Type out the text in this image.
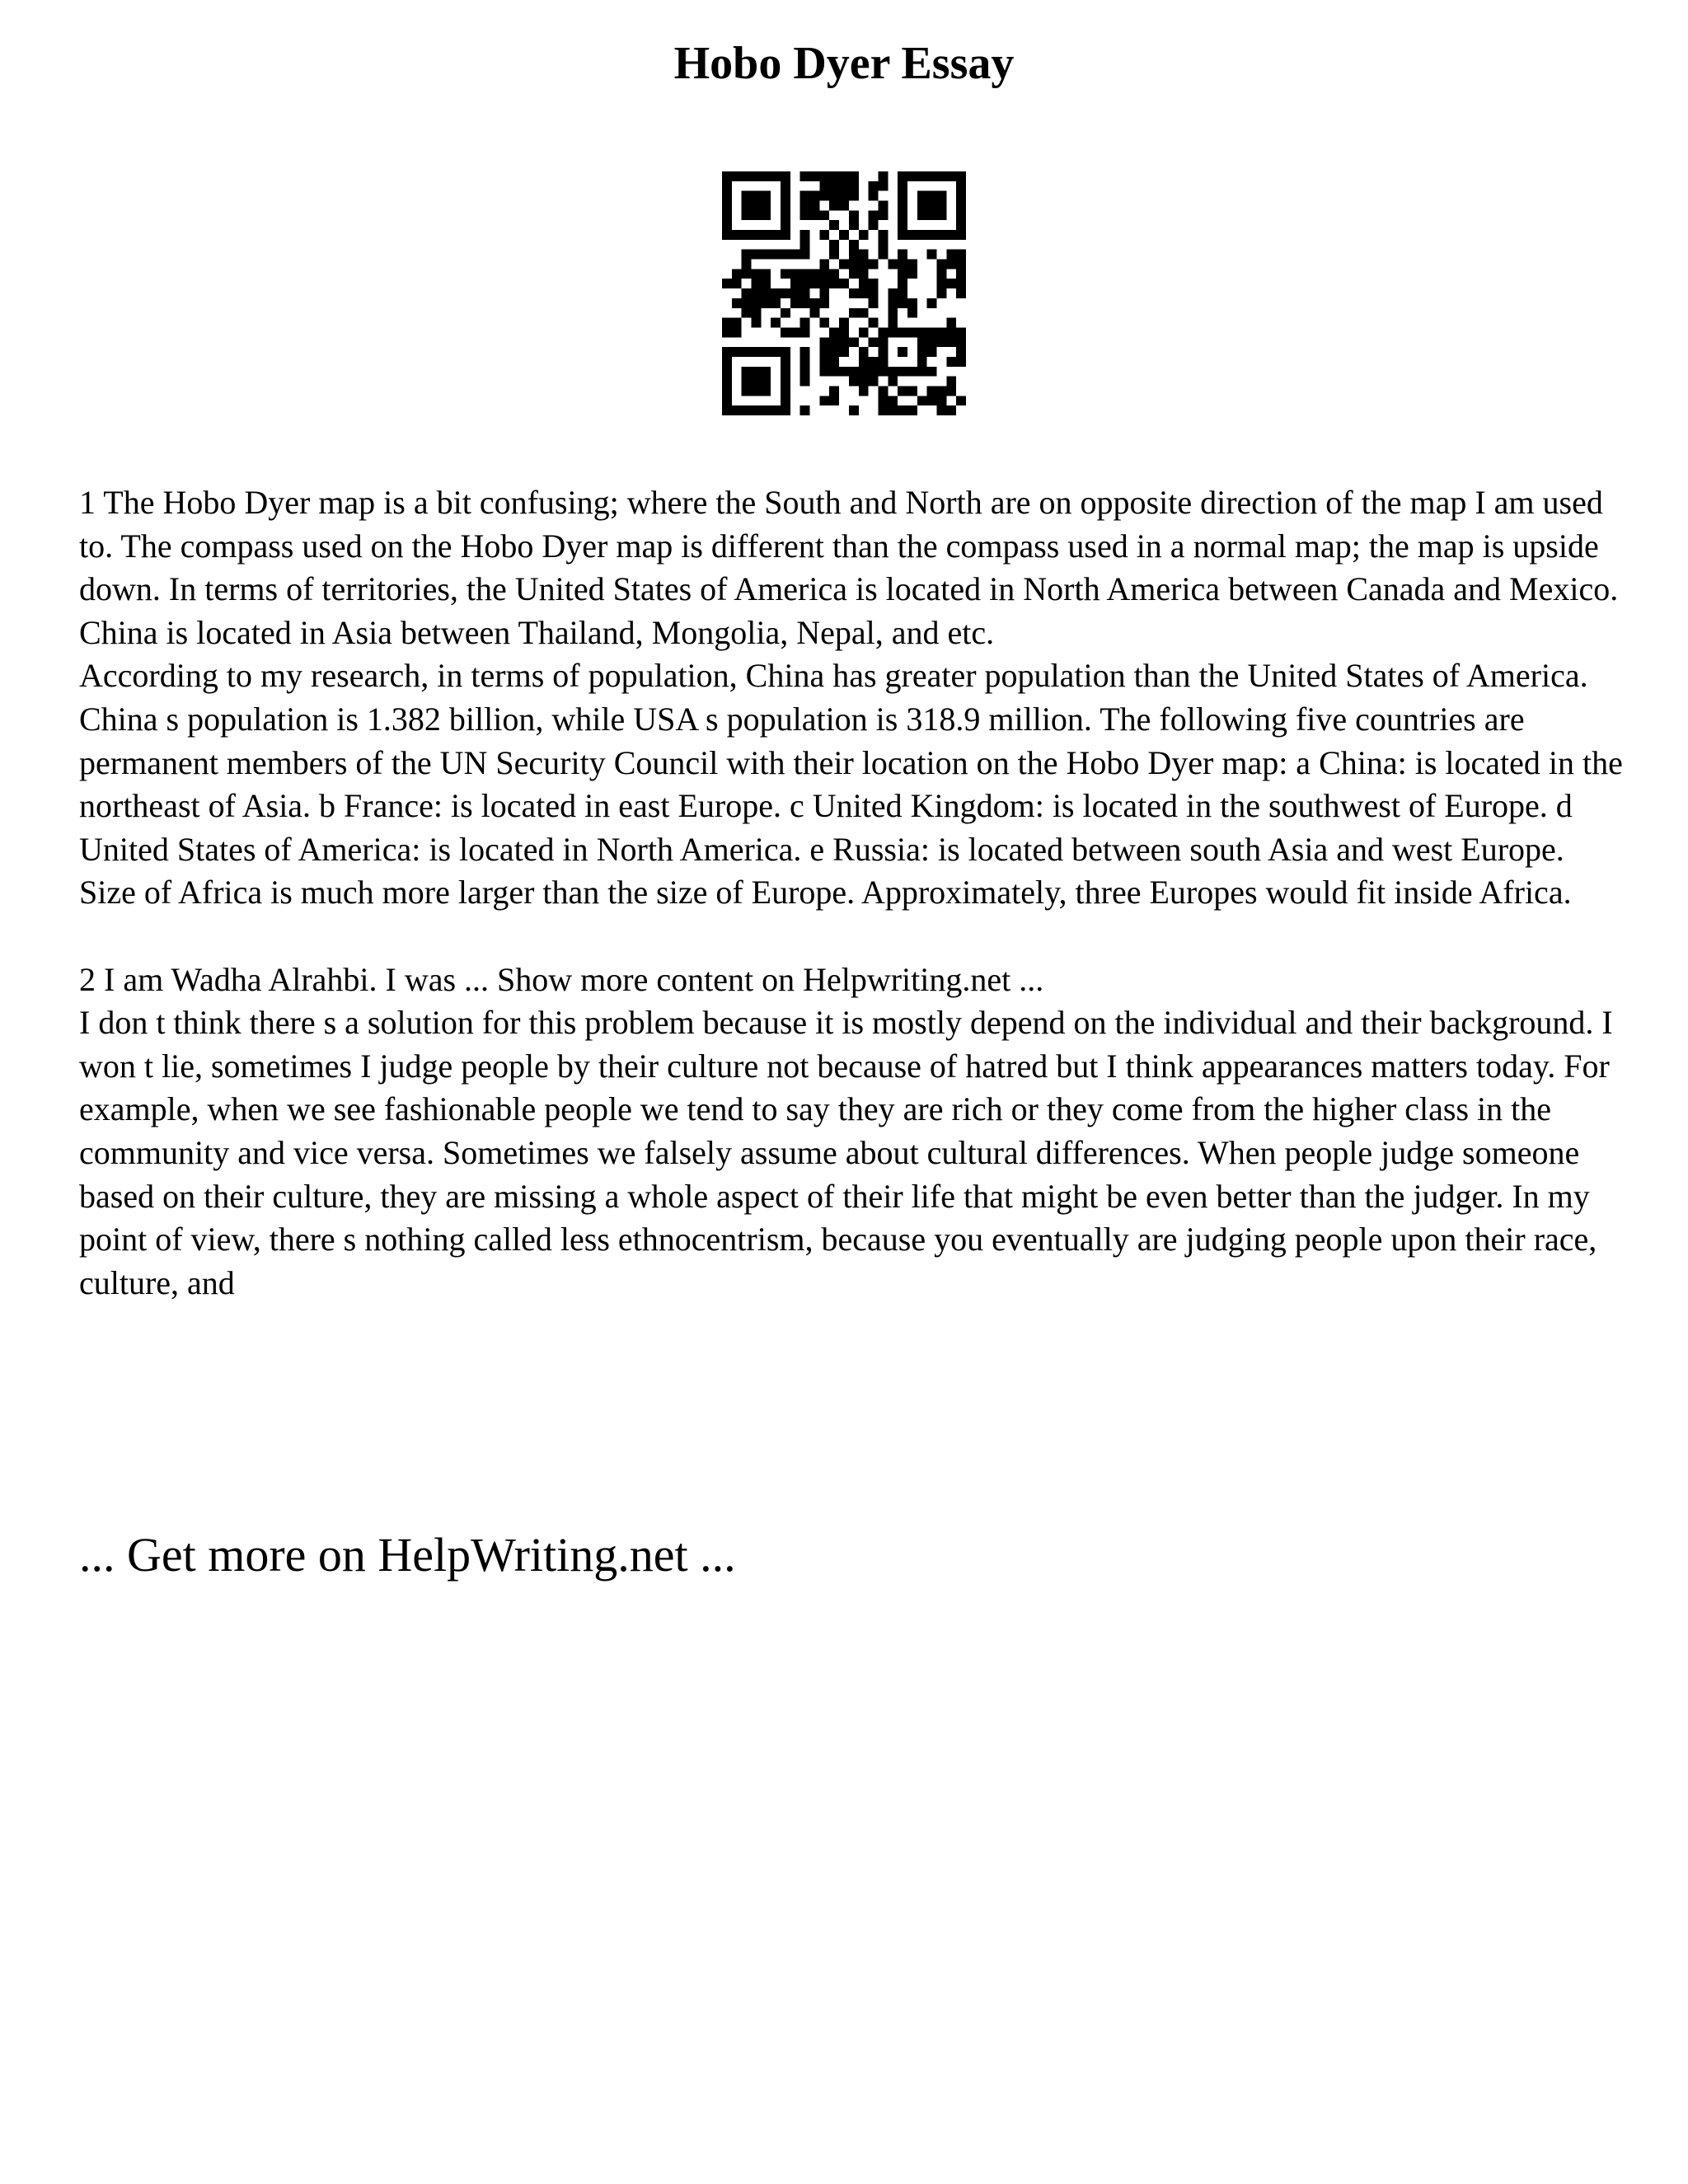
Hobo Dyer Essay

1 The Hobo Dyer map is a bit confusing; where the South and North are on opposite direction of the map I am used to. The compass used on the Hobo Dyer map is different than the compass used in a normal map; the map is upside down. In terms of territories, the United States of America is located in North America between Canada and Mexico. China is located in Asia between Thailand, Mongolia, Nepal, and etc.

According to my research, in terms of population, China has greater population than the United States of America. China s population is 1.382 billion, while USA s population is 318.9 million. The following five countries are permanent members of the UN Security Council with their location on the Hobo Dyer map: a China: is located in the northeast of Asia. b France: is located in east Europe. c United Kingdom: is located in the southwest of Europe. d United States of America: is located in North America. e Russia: is located between south Asia and west Europe.

Size of Africa is much more larger than the size of Europe. Approximately, three Europes would fit inside Africa.

2 I am Wadha Alrahbi. I was ... Show more content on Helpwriting.net ...

I don t think there s a solution for this problem because it is mostly depend on the individual and their background. I won t lie, sometimes I judge people by their culture not because of hatred but I think appearances matters today. For example, when we see fashionable people we tend to say they are rich or they come from the higher class in the community and vice versa. Sometimes we falsely assume about cultural differences. When people judge someone based on their culture, they are missing a whole aspect of their life that might be even better than the judger. In my point of view, there s nothing called less ethnocentrism, because you eventually are judging people upon their race, culture, and

... Get more on HelpWriting.net ...
